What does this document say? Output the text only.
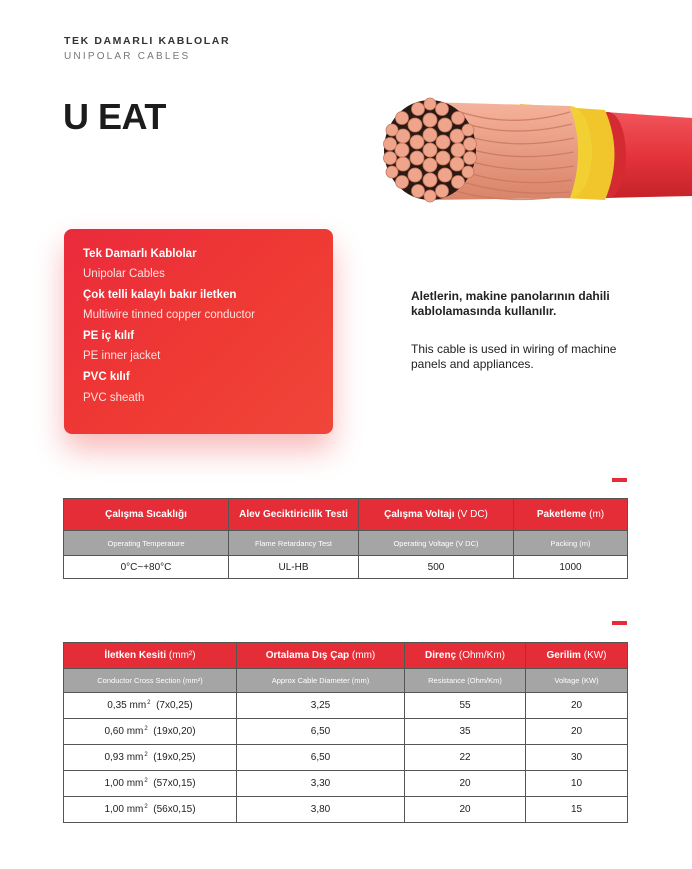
TEK DAMARLI KABLOLAR
UNIPOLAR CABLES
U EAT
Tek Damarlı Kablolar
Unipolar Cables
Çok telli kalaylı bakır iletken
Multiwire tinned copper conductor
PE iç kılıf
PE inner jacket
PVC kılıf
PVC sheath
Aletlerin, makine panolarının dahili kablolamasında kullanılır.
This cable is used in wiring of machine panels and appliances.
Çalışma Sıcaklığı	Alev Geciktiricilik Testi	Çalışma Voltajı (V DC)	Paketleme (m)
Operating Temperature	Flame Retardancy Test	Operating Voltage (V DC)	Packing (m)
0°C~+80°C	UL-HB	500	1000
İletken Kesiti (mm²)	Ortalama Dış Çap (mm)	Direnç (Ohm/Km)	Gerilim (KW)
Conductor Cross Section (mm²)	Approx Cable Diameter (mm)	Resistance (Ohm/Km)	Voltage (KW)
0,35 $mm^2$ (7x0,25)	3,25	55	20
0,60 $mm^2$ (19x0,20)	6,50	35	20
0,93 $mm^2$ (19x0,25)	6,50	22	30
1,00 $mm^2$ (57x0,15)	3,30	20	10
1,00 $mm^2$ (56x0,15)	3,80	20	15
